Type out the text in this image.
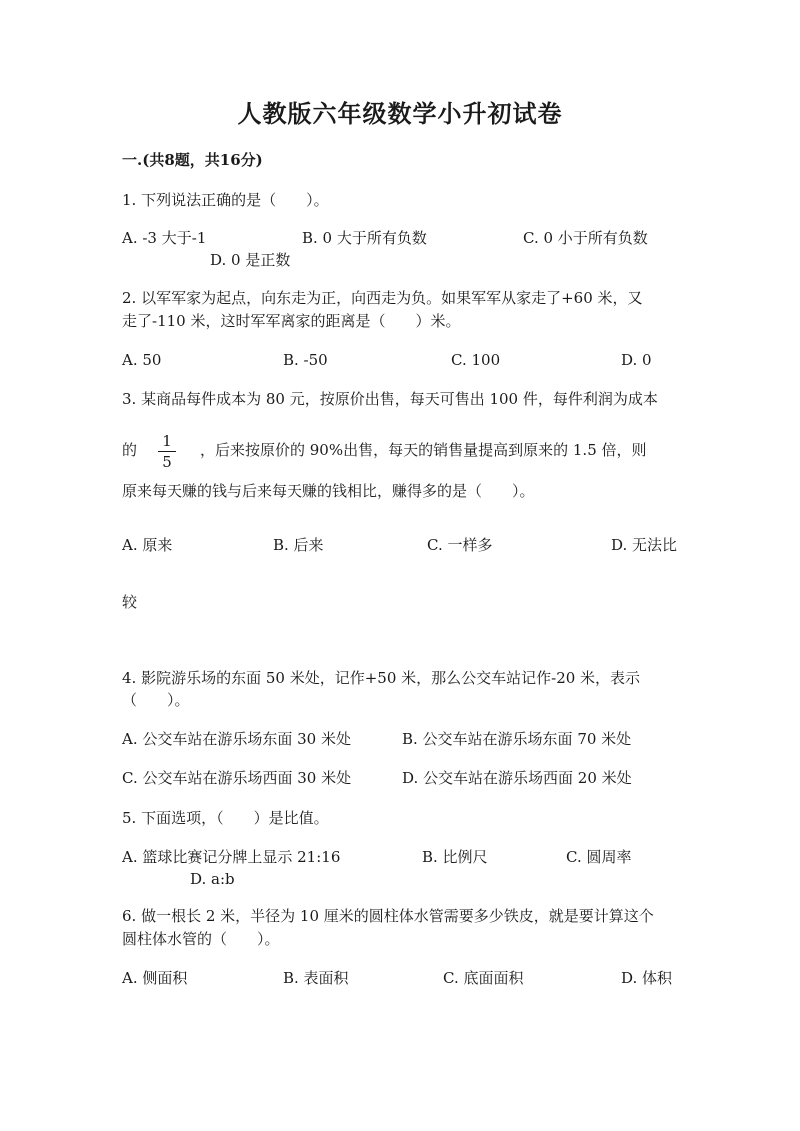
人教版六年级数学小升初试卷
一.(共8题，共16分)
1. 下列说法正确的是（　　）。
A. -3 大于-1	B. 0 大于所有负数	C. 0 小于所有负数
D. 0 是正数
2. 以军军家为起点，向东走为正，向西走为负。如果军军从家走了+60 米，又
走了-110 米，这时军军离家的距离是（　　）米。
A. 50	B. -50	C. 100	D. 0
3. 某商品每件成本为 80 元，按原价出售，每天可售出 100 件，每件利润为成本
的 1
5
，后来按原价的 90%出售，每天的销售量提高到原来的 1.5 倍，则
原来每天赚的钱与后来每天赚的钱相比，赚得多的是（　　）。
A. 原来	B. 后来	C. 一样多	D. 无法比
较
4. 影院游乐场的东面 50 米处，记作+50 米，那么公交车站记作-20 米，表示
（　　）。
A. 公交车站在游乐场东面 30 米处	B. 公交车站在游乐场东面 70 米处
C. 公交车站在游乐场西面 30 米处	D. 公交车站在游乐场西面 20 米处
5. 下面选项，（　　）是比值。
A. 篮球比赛记分牌上显示 21:16	B. 比例尺	C. 圆周率
D. a:b
6. 做一根长 2 米，半径为 10 厘米的圆柱体水管需要多少铁皮，就是要计算这个
圆柱体水管的（　　）。
A. 侧面积	B. 表面积	C. 底面面积	D. 体积
